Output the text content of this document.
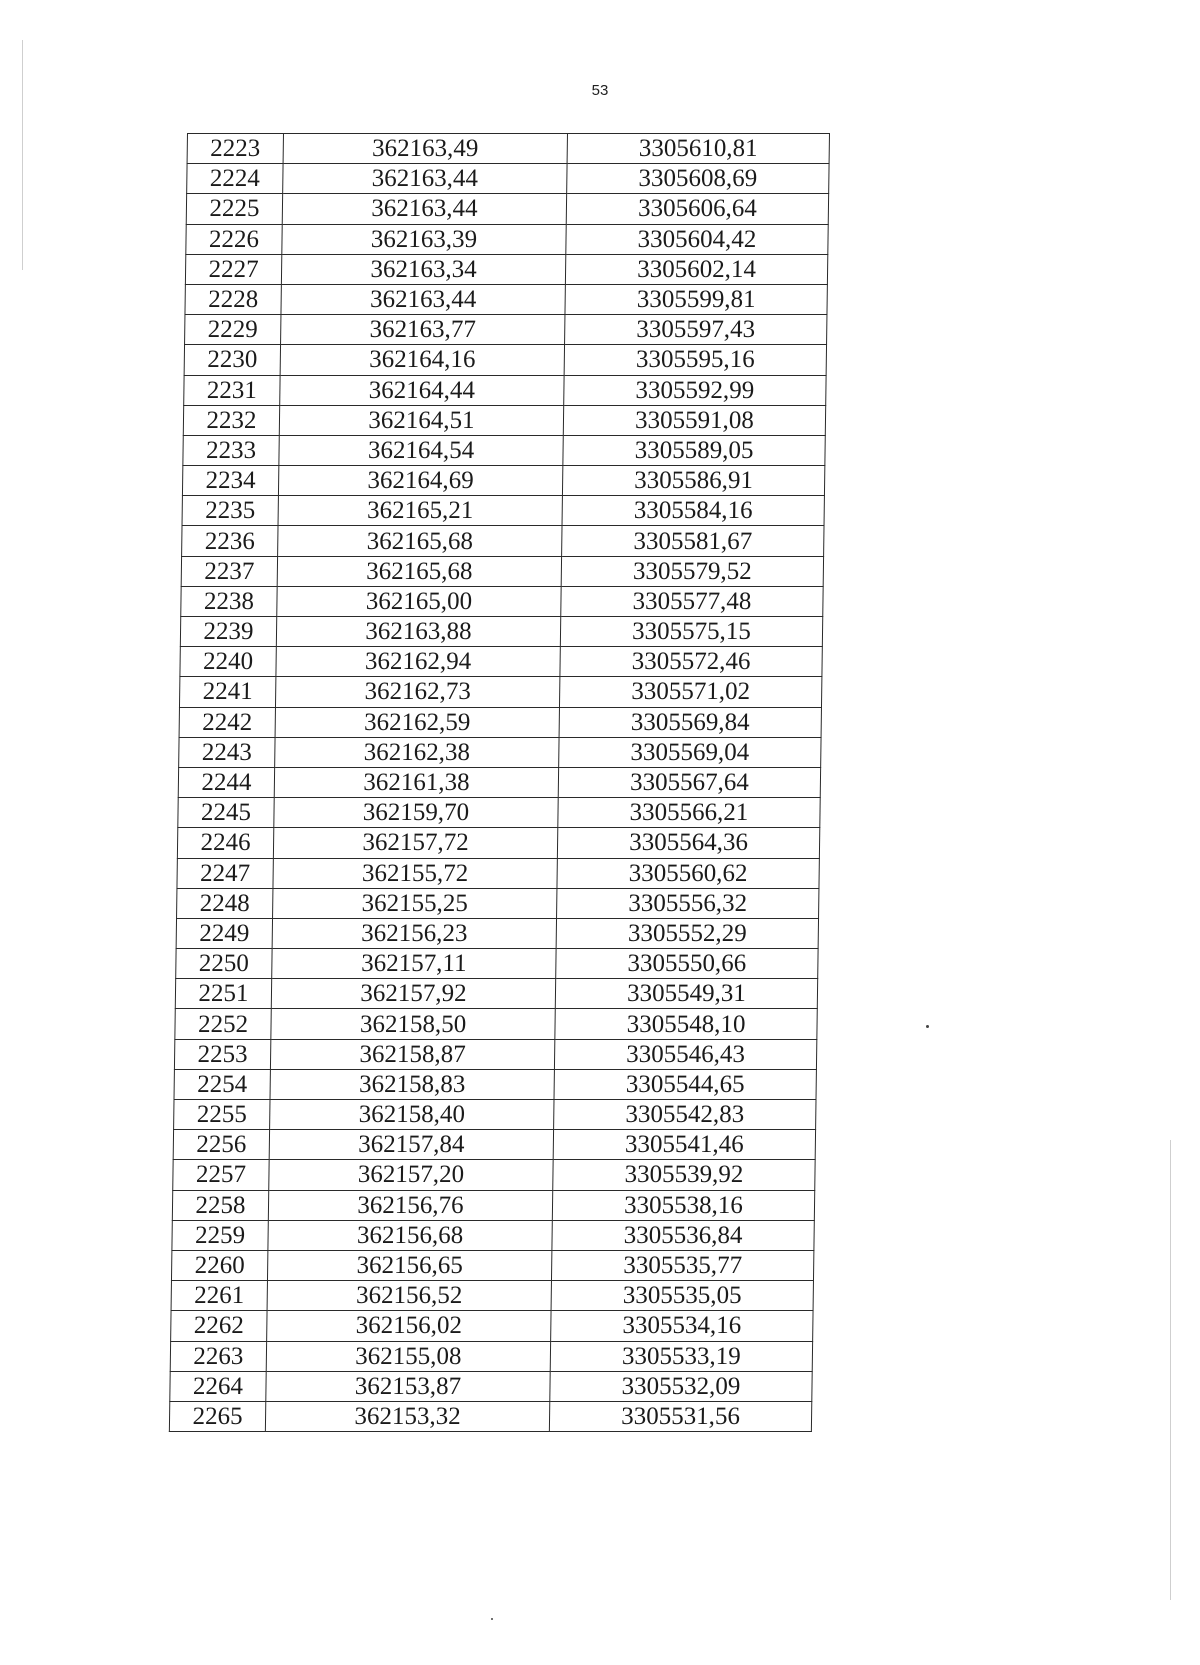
53
2223	362163,49	3305610,81
2224	362163,44	3305608,69
2225	362163,44	3305606,64
2226	362163,39	3305604,42
2227	362163,34	3305602,14
2228	362163,44	3305599,81
2229	362163,77	3305597,43
2230	362164,16	3305595,16
2231	362164,44	3305592,99
2232	362164,51	3305591,08
2233	362164,54	3305589,05
2234	362164,69	3305586,91
2235	362165,21	3305584,16
2236	362165,68	3305581,67
2237	362165,68	3305579,52
2238	362165,00	3305577,48
2239	362163,88	3305575,15
2240	362162,94	3305572,46
2241	362162,73	3305571,02
2242	362162,59	3305569,84
2243	362162,38	3305569,04
2244	362161,38	3305567,64
2245	362159,70	3305566,21
2246	362157,72	3305564,36
2247	362155,72	3305560,62
2248	362155,25	3305556,32
2249	362156,23	3305552,29
2250	362157,11	3305550,66
2251	362157,92	3305549,31
2252	362158,50	3305548,10
2253	362158,87	3305546,43
2254	362158,83	3305544,65
2255	362158,40	3305542,83
2256	362157,84	3305541,46
2257	362157,20	3305539,92
2258	362156,76	3305538,16
2259	362156,68	3305536,84
2260	362156,65	3305535,77
2261	362156,52	3305535,05
2262	362156,02	3305534,16
2263	362155,08	3305533,19
2264	362153,87	3305532,09
2265	362153,32	3305531,56
